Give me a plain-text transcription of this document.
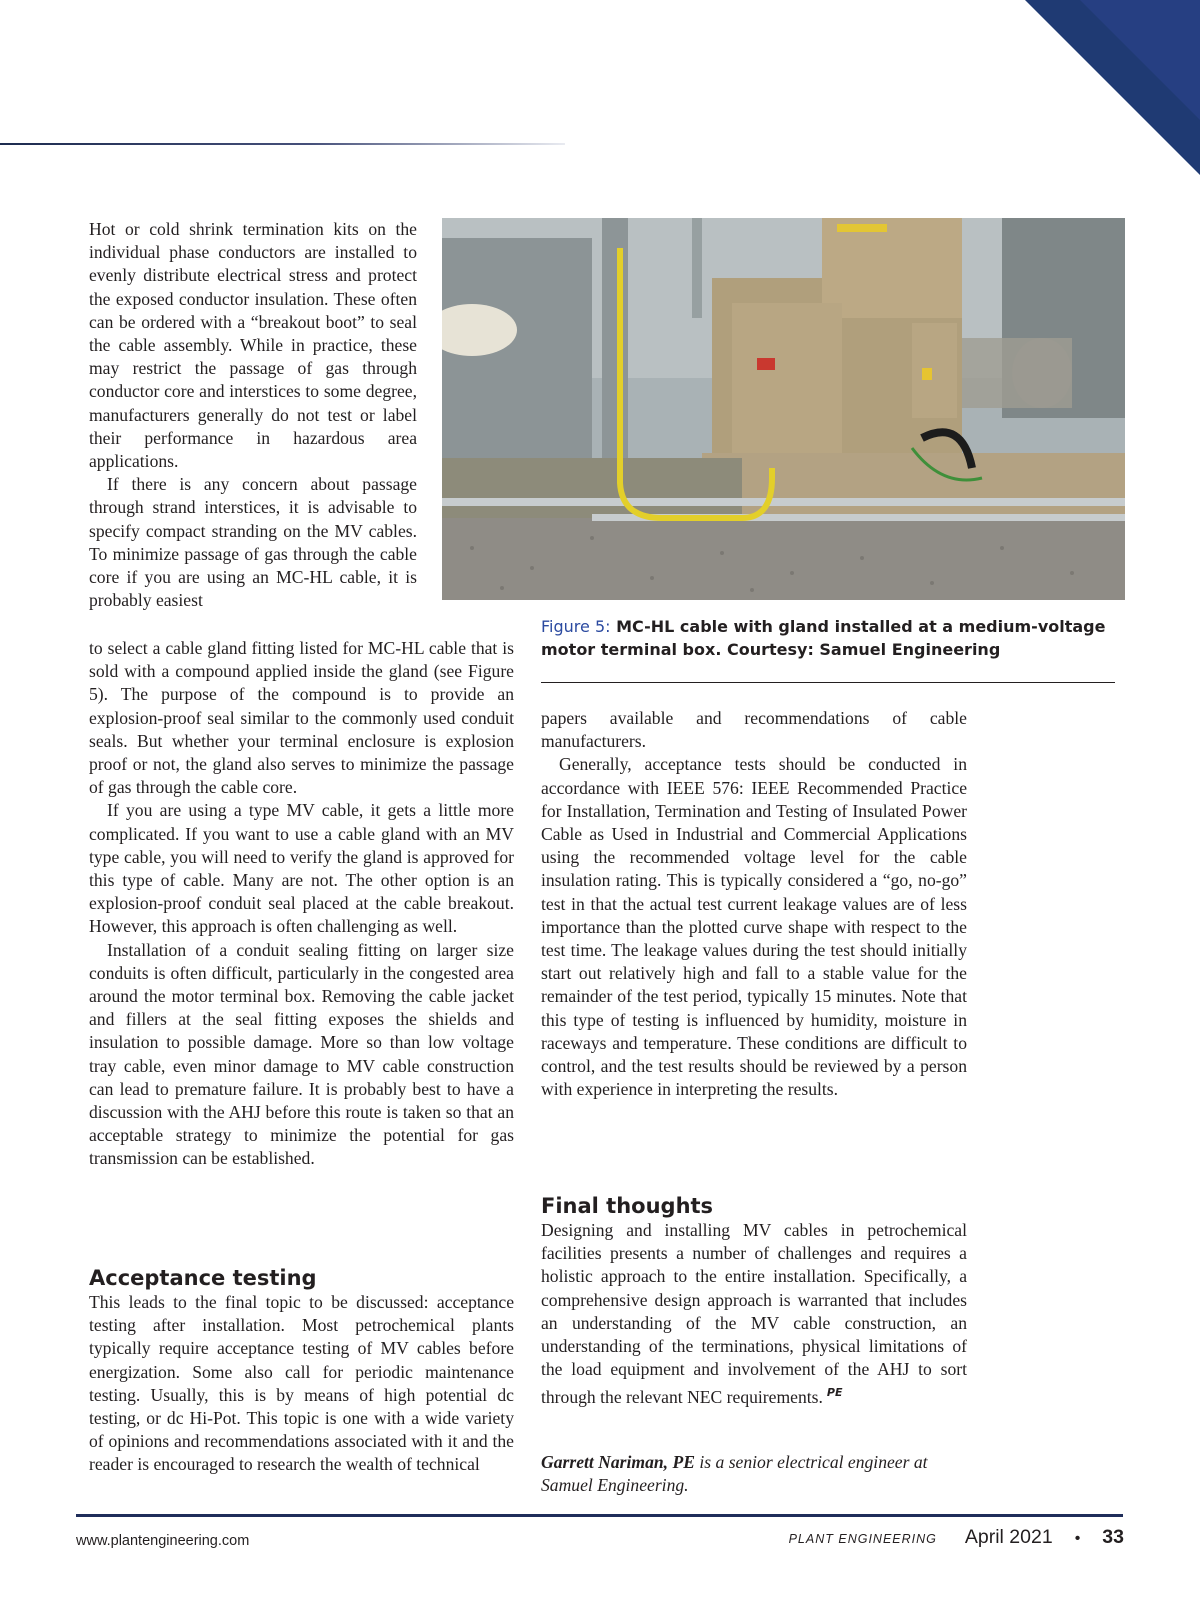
Hot or cold shrink termination kits on the individual phase conductors are installed to evenly distribute electrical stress and protect the exposed conductor insulation. These often can be ordered with a “breakout boot” to seal the cable assembly. While in practice, these may restrict the passage of gas through conductor core and interstices to some degree, manufacturers generally do not test or label their performance in hazardous area applications.

If there is any concern about passage through strand interstices, it is advisable to specify compact stranding on the MV cables. To minimize passage of gas through the cable core if you are using an MC-HL cable, it is probably easiest

Figure 5: MC-HL cable with gland installed at a medium-voltage motor terminal box. Courtesy: Samuel Engineering

to select a cable gland fitting listed for MC-HL cable that is sold with a compound applied inside the gland (see Figure 5). The purpose of the compound is to provide an explosion-proof seal similar to the commonly used conduit seals. But whether your terminal enclosure is explosion proof or not, the gland also serves to minimize the passage of gas through the cable core.

If you are using a type MV cable, it gets a little more complicated. If you want to use a cable gland with an MV type cable, you will need to verify the gland is approved for this type of cable. Many are not. The other option is an explosion-proof conduit seal placed at the cable breakout. However, this approach is often challenging as well.

Installation of a conduit sealing fitting on larger size conduits is often difficult, particularly in the congested area around the motor terminal box. Removing the cable jacket and fillers at the seal fitting exposes the shields and insulation to possible damage. More so than low voltage tray cable, even minor damage to MV cable construction can lead to premature failure. It is probably best to have a discussion with the AHJ before this route is taken so that an acceptable strategy to minimize the potential for gas transmission can be established.

Acceptance testing

This leads to the final topic to be discussed: acceptance testing after installation. Most petrochemical plants typically require acceptance testing of MV cables before energization. Some also call for periodic maintenance testing. Usually, this is by means of high potential dc testing, or dc Hi-Pot. This topic is one with a wide variety of opinions and recommendations associated with it and the reader is encouraged to research the wealth of technical

papers available and recommendations of cable manufacturers.

Generally, acceptance tests should be conducted in accordance with IEEE 576: IEEE Recommended Practice for Installation, Termination and Testing of Insulated Power Cable as Used in Industrial and Commercial Applications using the recommended voltage level for the cable insulation rating. This is typically considered a “go, no-go” test in that the actual test current leakage values are of less importance than the plotted curve shape with respect to the test time. The leakage values during the test should initially start out relatively high and fall to a stable value for the remainder of the test period, typically 15 minutes. Note that this type of testing is influenced by humidity, moisture in raceways and temperature. These conditions are difficult to control, and the test results should be reviewed by a person with experience in interpreting the results.

Final thoughts

Designing and installing MV cables in petrochemical facilities presents a number of challenges and requires a holistic approach to the entire installation. Specifically, a comprehensive design approach is warranted that includes an understanding of the MV cable construction, an understanding of the terminations, physical limitations of the load equipment and involvement of the AHJ to sort through the relevant NEC requirements. $^{PE}$

Garrett Nariman, PE is a senior electrical engineer at Samuel Engineering.
www.plantengineering.com	PLANT ENGINEERING April 2021 • 33
